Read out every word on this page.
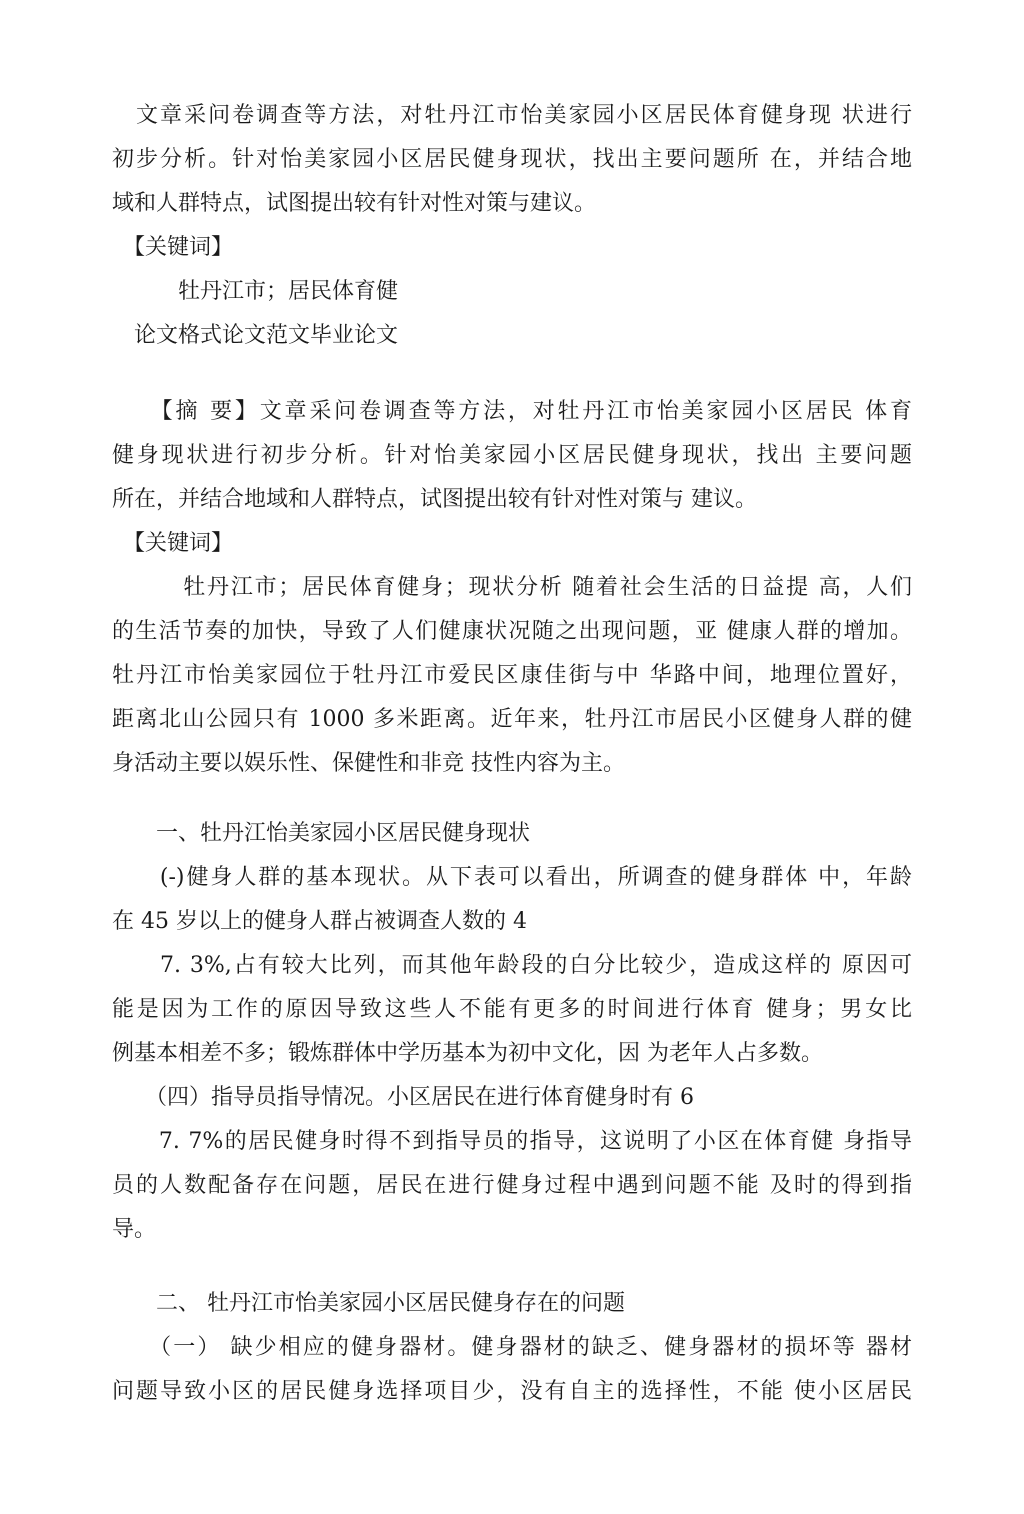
　文章采问卷调查等方法，对牡丹江市怡美家园小区居民体育健身现 状进行
初步分析。针对怡美家园小区居民健身现状，找出主要问题所 在，并结合地
域和人群特点，试图提出较有针对性对策与建议。
　【关键词】
　　　牡丹江市；居民体育健
　论文格式论文范文毕业论文
　　【摘 要】文章采问卷调查等方法，对牡丹江市怡美家园小区居民 体育
健身现状进行初步分析。针对怡美家园小区居民健身现状，找出 主要问题
所在，并结合地域和人群特点，试图提出较有针对性对策与 建议。
　【关键词】
　　　牡丹江市；居民体育健身；现状分析 随着社会生活的日益提 高，人们
的生活节奏的加快，导致了人们健康状况随之出现问题，亚 健康人群的增加。
牡丹江市怡美家园位于牡丹江市爱民区康佳街与中 华路中间，地理位置好，
距离北山公园只有 1000 多米距离。近年来，牡丹江市居民小区健身人群的健
身活动主要以娱乐性、保健性和非竞 技性内容为主。
　　一、牡丹江怡美家园小区居民健身现状
　　(-)健身人群的基本现状。从下表可以看出，所调查的健身群体 中，年龄
在 45 岁以上的健身人群占被调查人数的 4
　　7. 3%,占有较大比列，而其他年龄段的白分比较少，造成这样的 原因可
能是因为工作的原因导致这些人不能有更多的时间进行体育 健身；男女比
例基本相差不多；锻炼群体中学历基本为初中文化，因 为老年人占多数。
　　（四）指导员指导情况。小区居民在进行体育健身时有 6
　　7. 7%的居民健身时得不到指导员的指导，这说明了小区在体育健 身指导
员的人数配备存在问题，居民在进行健身过程中遇到问题不能 及时的得到指
导。
　　二、 牡丹江市怡美家园小区居民健身存在的问题
　　（一） 缺少相应的健身器材。健身器材的缺乏、健身器材的损坏等 器材
问题导致小区的居民健身选择项目少，没有自主的选择性，不能 使小区居民
